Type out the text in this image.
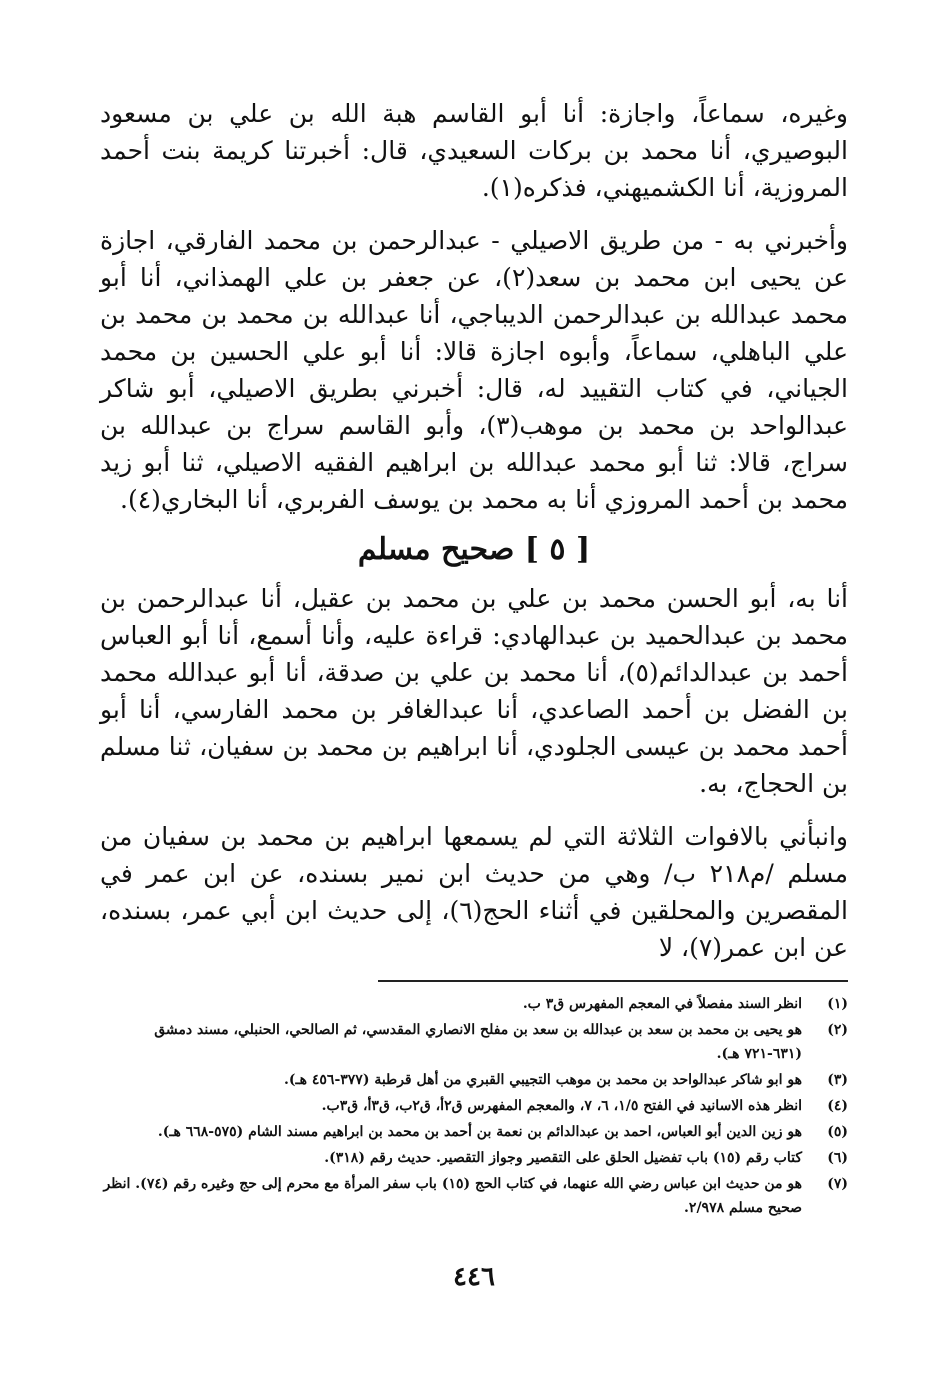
وغيره، سماعاً، واجازة: أنا أبو القاسم هبة الله بن علي بن مسعود البوصيري، أنا محمد بن بركات السعيدي، قال: أخبرتنا كريمة بنت أحمد المروزية، أنا الكشميهني، فذكره(١).

وأخبرني به - من طريق الاصيلي - عبدالرحمن بن محمد الفارقي، اجازة عن يحيى ابن محمد بن سعد(٢)، عن جعفر بن علي الهمذاني، أنا أبو محمد عبدالله بن عبدالرحمن الديباجي، أنا عبدالله بن محمد بن محمد بن علي الباهلي، سماعاً، وأبوه اجازة قالا: أنا أبو علي الحسين بن محمد الجياني، في كتاب التقييد له، قال: أخبرني بطريق الاصيلي، أبو شاكر عبدالواحد بن محمد بن موهب(٣)، وأبو القاسم سراج بن عبدالله بن سراج، قالا: ثنا أبو محمد عبدالله بن ابراهيم الفقيه الاصيلي، ثنا أبو زيد محمد بن أحمد المروزي أنا به محمد بن يوسف الفربري، أنا البخاري(٤).

[ ٥ ] صحيح مسلم

أنا به، أبو الحسن محمد بن علي بن محمد بن عقيل، أنا عبدالرحمن بن محمد بن عبدالحميد بن عبدالهادي: قراءة عليه، وأنا أسمع، أنا أبو العباس أحمد بن عبدالدائم(٥)، أنا محمد بن علي بن صدقة، أنا أبو عبدالله محمد بن الفضل بن أحمد الصاعدي، أنا عبدالغافر بن محمد الفارسي، أنا أبو أحمد محمد بن عيسى الجلودي، أنا ابراهيم بن محمد بن سفيان، ثنا مسلم بن الحجاج، به.

وانبأني بالافوات الثلاثة التي لم يسمعها ابراهيم بن محمد بن سفيان من مسلم /م٢١٨ ب/ وهي من حديث ابن نمير بسنده، عن ابن عمر في المقصرين والمحلقين في أثناء الحج(٦)، إلى حديث ابن أبي عمر، بسنده، عن ابن عمر(٧)، لا

(١)
انظر السند مفصلاً في المعجم المفهرس ق٣ ب.
(٢)
هو يحيى بن محمد بن سعد بن عبدالله بن سعد بن مفلح الانصاري المقدسي، ثم الصالحي، الحنبلي، مسند دمشق (٦٣١-٧٢١ هـ).
(٣)
هو ابو شاكر عبدالواحد بن محمد بن موهب التجيبي القبري من أهل قرطبة (٣٧٧-٤٥٦ هـ).
(٤)
انظر هذه الاسانيد في الفتح ١/٥، ٦، ٧، والمعجم المفهرس ق٢أ، ق٢ب، ق٣أ، ق٣ب.
(٥)
هو زين الدين أبو العباس، احمد بن عبدالدائم بن نعمة بن أحمد بن محمد بن ابراهيم مسند الشام (٥٧٥-٦٦٨ هـ).
(٦)
كتاب رقم (١٥) باب تفضيل الحلق على التقصير وجواز التقصير. حديث رقم (٣١٨).
(٧)
هو من حديث ابن عباس رضي الله عنهما، في كتاب الحج (١٥) باب سفر المرأة مع محرم إلى حج وغيره رقم (٧٤). انظر صحيح مسلم ٢/٩٧٨.
٤٤٦
